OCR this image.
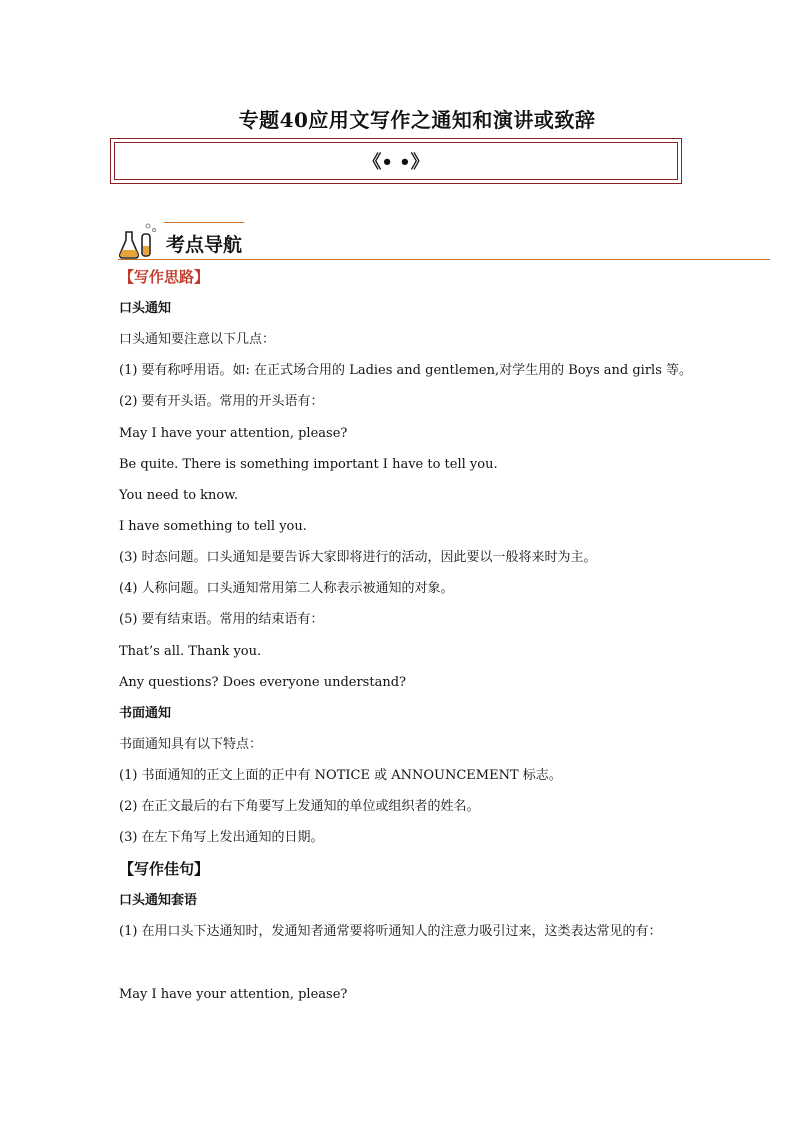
专题40应用文写作之通知和演讲或致辞
《• •》
考点导航
【写作思路】
口头通知
口头通知要注意以下几点：
(1) 要有称呼用语。如: 在正式场合用的 Ladies and gentlemen,对学生用的 Boys and girls 等。
(2) 要有开头语。常用的开头语有：
May I have your attention, please?
Be quite. There is something important I have to tell you.
You need to know.
I have something to tell you.
(3) 时态问题。口头通知是要告诉大家即将进行的活动，因此要以一般将来时为主。
(4) 人称问题。口头通知常用第二人称表示被通知的对象。
(5) 要有结束语。常用的结束语有：
That’s all. Thank you.
Any questions? Does everyone understand?
书面通知
书面通知具有以下特点：
(1) 书面通知的正文上面的正中有 NOTICE 或 ANNOUNCEMENT 标志。
(2) 在正文最后的右下角要写上发通知的单位或组织者的姓名。
(3) 在左下角写上发出通知的日期。
【写作佳句】
口头通知套语
(1) 在用口头下达通知时，发通知者通常要将听通知人的注意力吸引过来，这类表达常见的有：
May I have your attention, please?
